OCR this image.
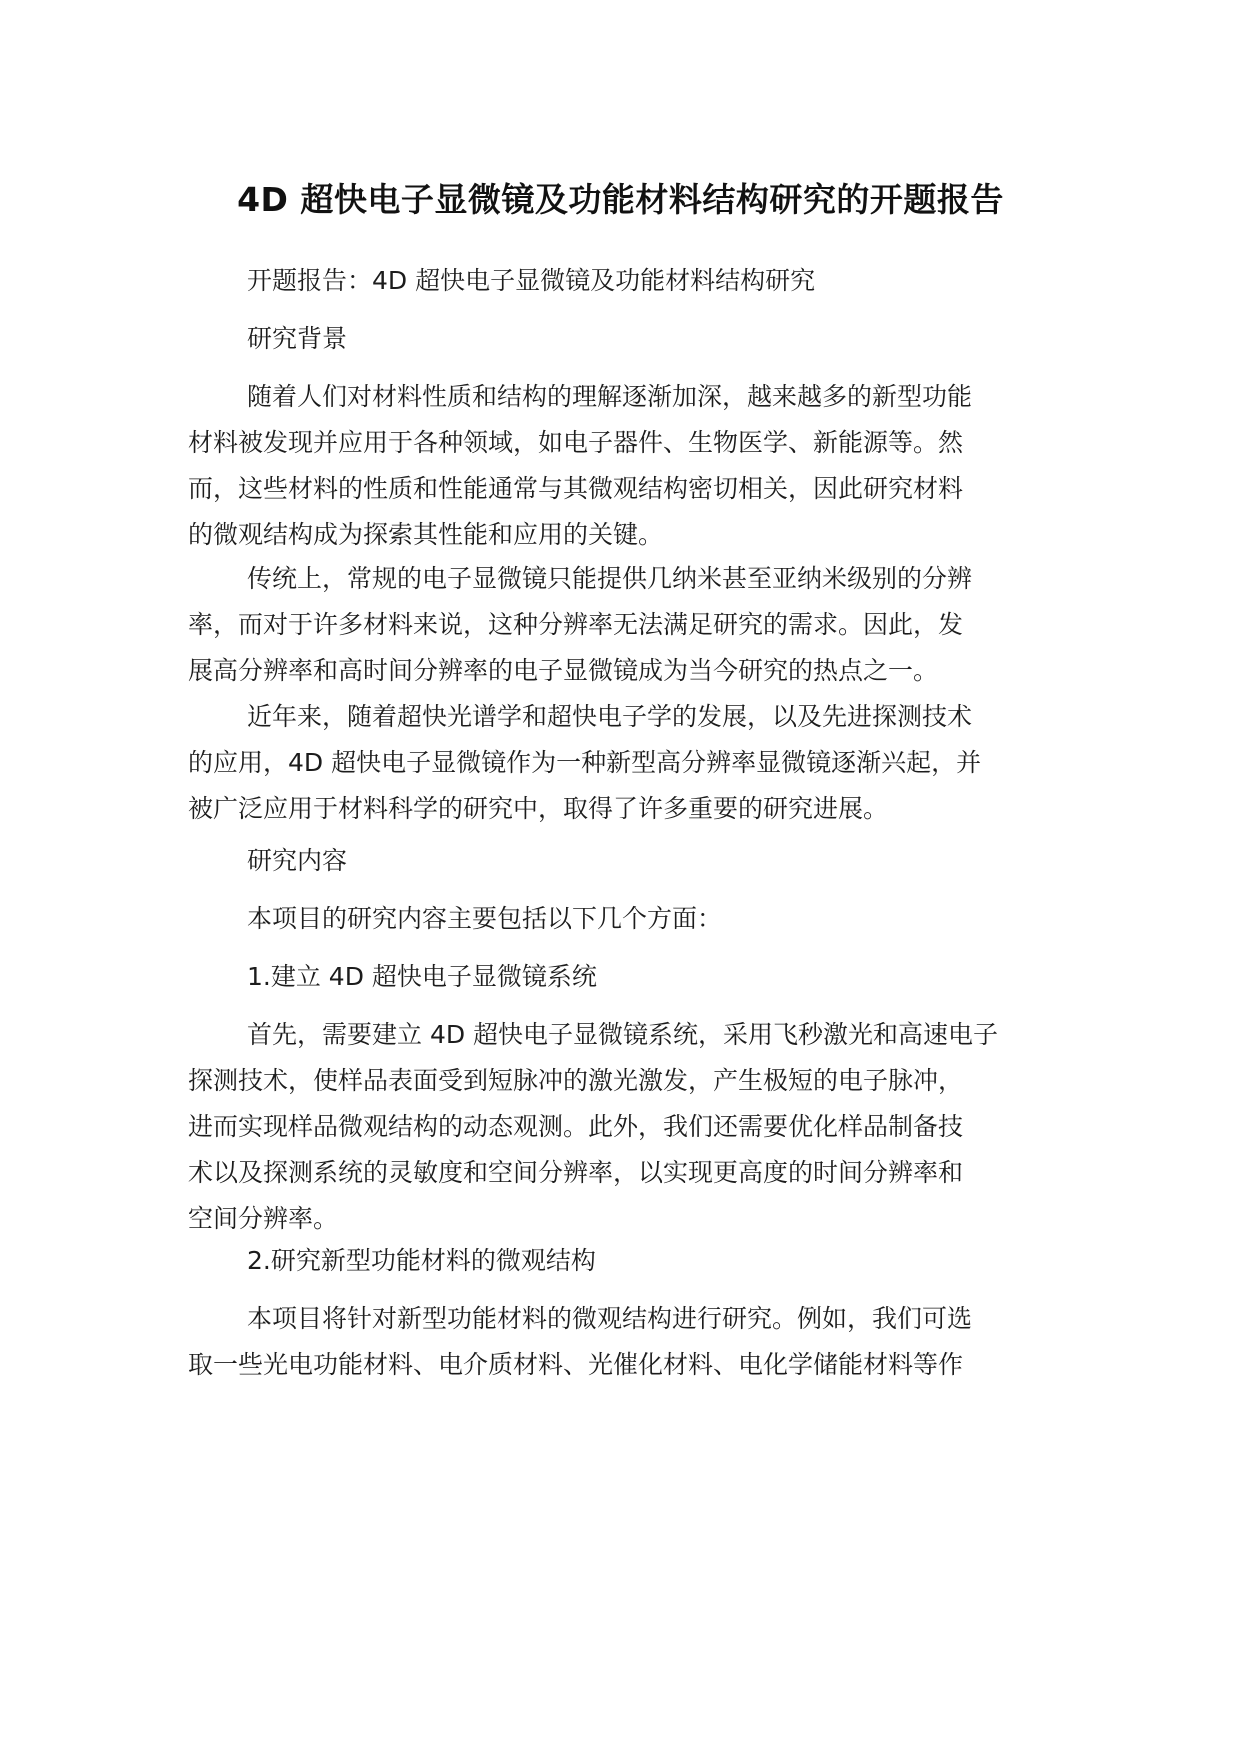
4D 超快电子显微镜及功能材料结构研究的开题报告

开题报告：4D 超快电子显微镜及功能材料结构研究

研究背景

随着人们对材料性质和结构的理解逐渐加深，越来越多的新型功能
材料被发现并应用于各种领域，如电子器件、生物医学、新能源等。然
而，这些材料的性质和性能通常与其微观结构密切相关，因此研究材料
的微观结构成为探索其性能和应用的关键。
传统上，常规的电子显微镜只能提供几纳米甚至亚纳米级别的分辨
率，而对于许多材料来说，这种分辨率无法满足研究的需求。因此，发
展高分辨率和高时间分辨率的电子显微镜成为当今研究的热点之一。
近年来，随着超快光谱学和超快电子学的发展，以及先进探测技术
的应用，4D 超快电子显微镜作为一种新型高分辨率显微镜逐渐兴起，并
被广泛应用于材料科学的研究中，取得了许多重要的研究进展。

研究内容

本项目的研究内容主要包括以下几个方面：

1.建立 4D 超快电子显微镜系统

首先，需要建立 4D 超快电子显微镜系统，采用飞秒激光和高速电子
探测技术，使样品表面受到短脉冲的激光激发，产生极短的电子脉冲，
进而实现样品微观结构的动态观测。此外，我们还需要优化样品制备技
术以及探测系统的灵敏度和空间分辨率，以实现更高度的时间分辨率和
空间分辨率。

2.研究新型功能材料的微观结构

本项目将针对新型功能材料的微观结构进行研究。例如，我们可选
取一些光电功能材料、电介质材料、光催化材料、电化学储能材料等作
